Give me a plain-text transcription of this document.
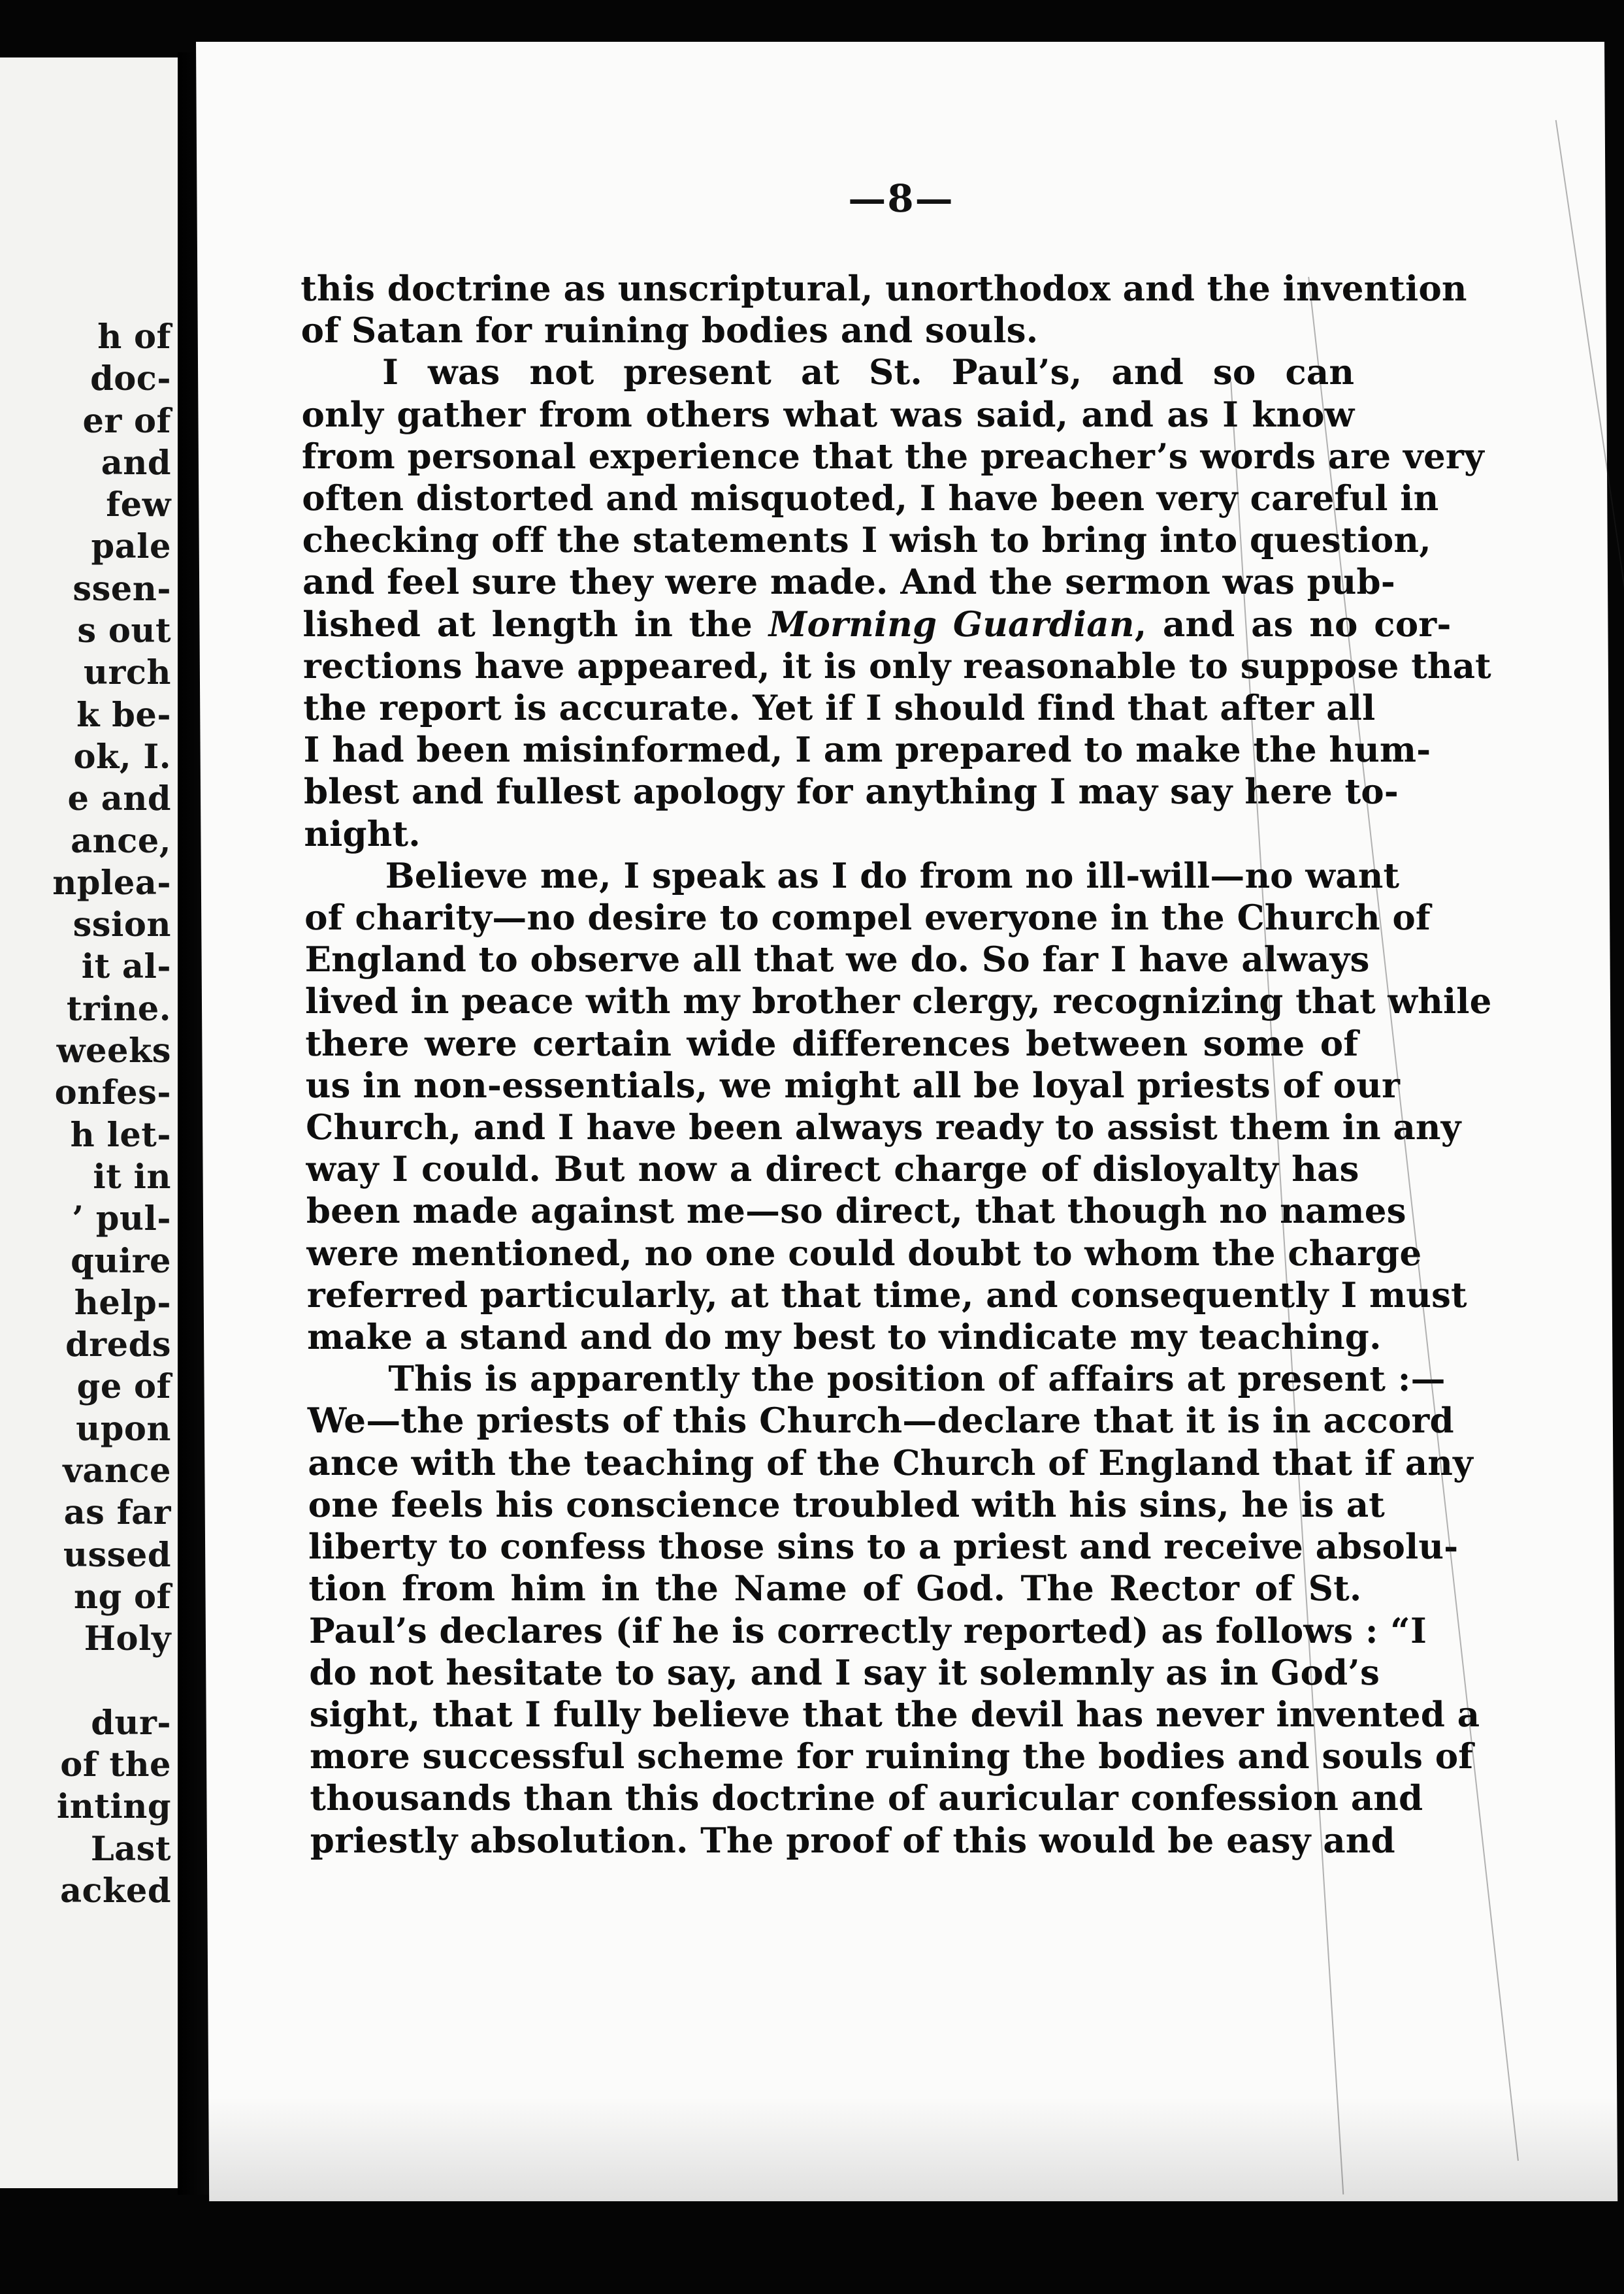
h of
doc-
er of
and
few
pale
ssen-
s out
urch
k be-
ok, I.
e and
ance,
nplea-
ssion
it al-
trine.
weeks
onfes-
h let-
it in
’ pul-
quire
help-
dreds
ge of
upon
vance
as far
ussed
ng of
Holy

dur-
of the
inting
Last
acked
—8—
this doctrine as unscriptural, unorthodox and the invention
of Satan for ruining bodies and souls.
I was not present at St. Paul’s, and so can
only gather from others what was said, and as I know
from personal experience that the preacher’s words are very
often distorted and misquoted, I have been very careful in
checking off the statements I wish to bring into question,
and feel sure they were made. And the sermon was pub-
lished at length in the Morning Guardian, and as no cor-
rections have appeared, it is only reasonable to suppose that
the report is accurate. Yet if I should find that after all
I had been misinformed, I am prepared to make the hum-
blest and fullest apology for anything I may say here to-
night.
Believe me, I speak as I do from no ill-will—no want
of charity—no desire to compel everyone in the Church of
England to observe all that we do. So far I have always
lived in peace with my brother clergy, recognizing that while
there were certain wide differences between some of
us in non-essentials, we might all be loyal priests of our
Church, and I have been always ready to assist them in any
way I could. But now a direct charge of disloyalty has
been made against me—so direct, that though no names
were mentioned, no one could doubt to whom the charge
referred particularly, at that time, and consequently I must
make a stand and do my best to vindicate my teaching.
This is apparently the position of affairs at present :—
We—the priests of this Church—declare that it is in accord
ance with the teaching of the Church of England that if any
one feels his conscience troubled with his sins, he is at
liberty to confess those sins to a priest and receive absolu-
tion from him in the Name of God. The Rector of St.
Paul’s declares (if he is correctly reported) as follows : “I
do not hesitate to say, and I say it solemnly as in God’s
sight, that I fully believe that the devil has never invented a
more successful scheme for ruining the bodies and souls of
thousands than this doctrine of auricular confession and
priestly absolution. The proof of this would be easy and
